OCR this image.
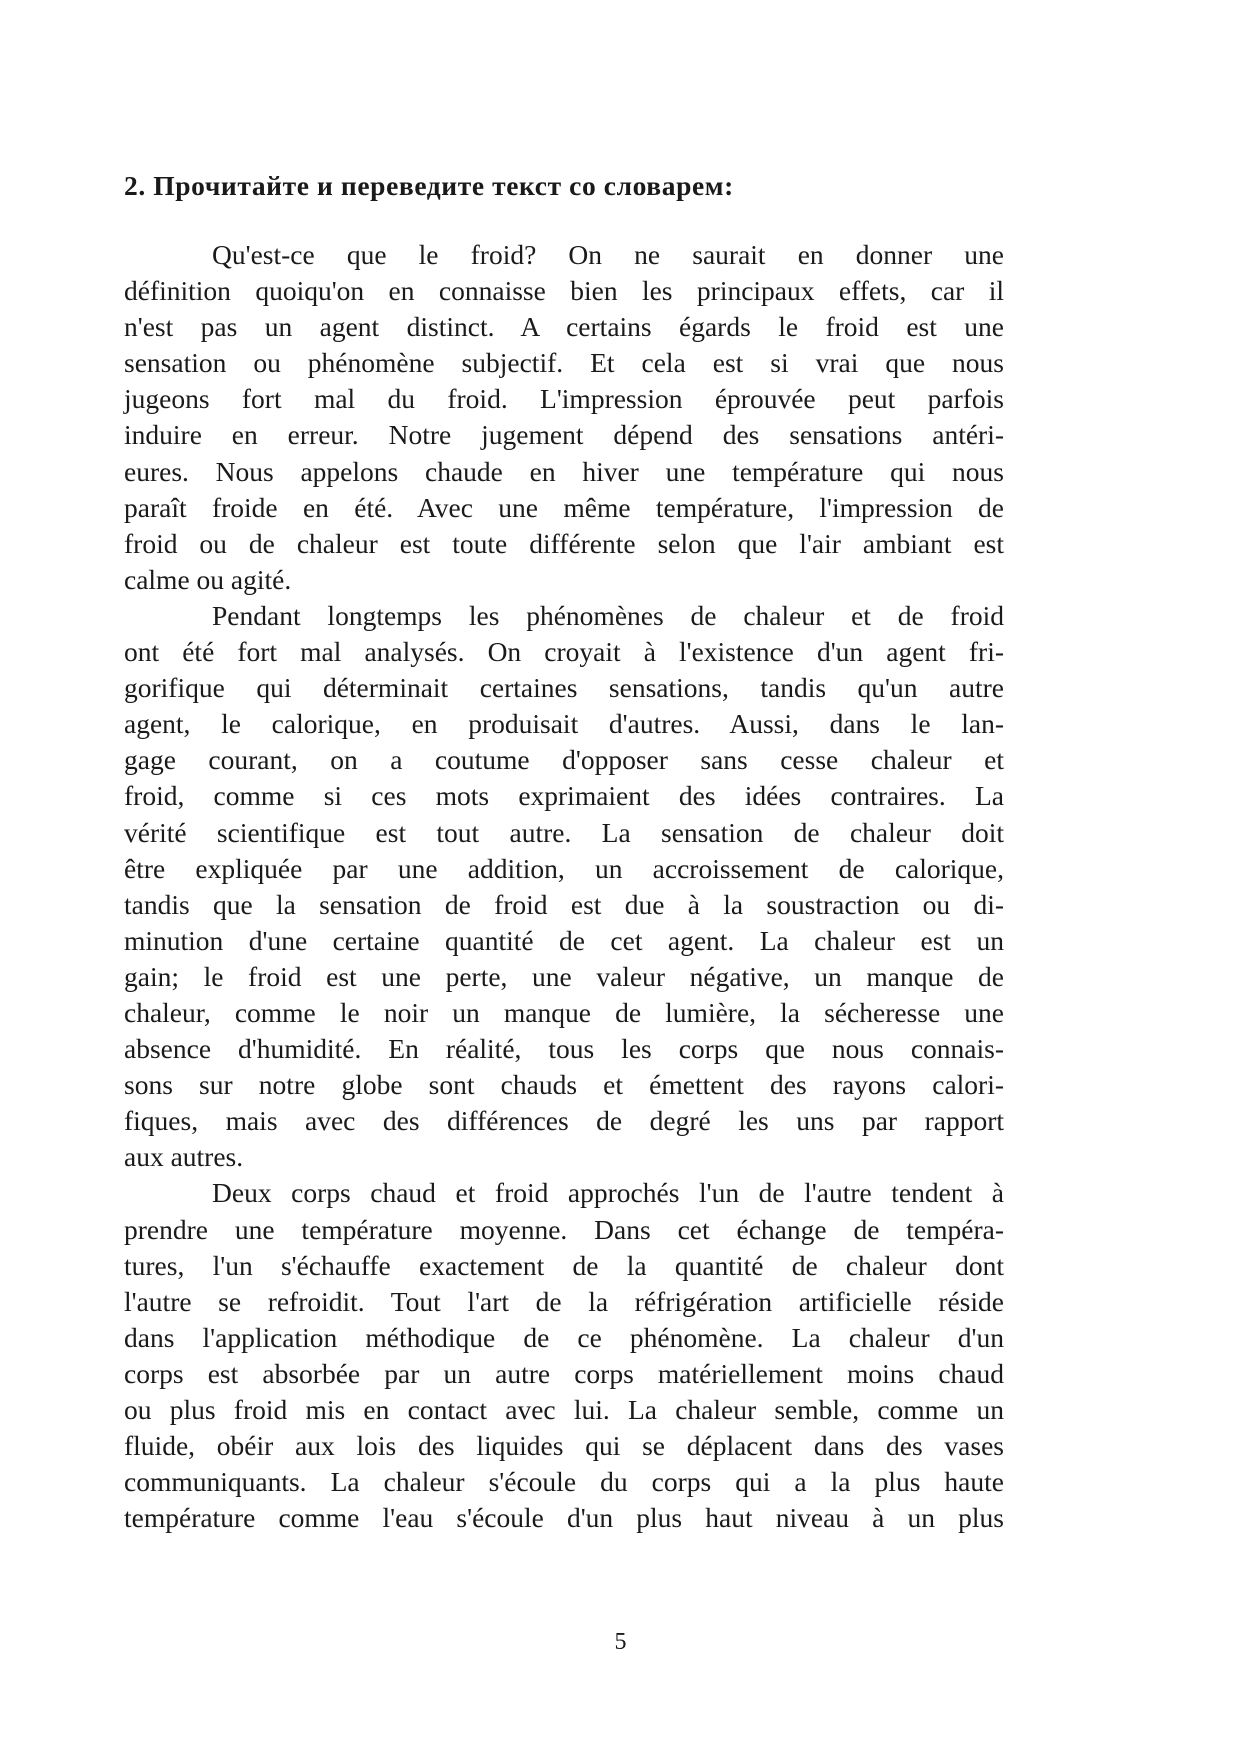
2. Прочитайте и переведите текст со словарем:
Qu'est-ce que le froid? On ne saurait en donner une
définition quoiqu'on en connaisse bien les principaux effets, car il
n'est pas un agent distinct. A certains égards le froid est une
sensation ou phénomène subjectif. Et cela est si vrai que nous
jugeons fort mal du froid. L'impression éprouvée peut parfois
induire en erreur. Notre jugement dépend des sensations antéri-
eures. Nous appelons chaude en hiver une température qui nous
paraît froide en été. Avec une même température, l'impression de
froid ou de chaleur est toute différente selon que l'air ambiant est
calme ou agité.
Pendant longtemps les phénomènes de chaleur et de froid
ont été fort mal analysés. On croyait à l'existence d'un agent fri-
gorifique qui déterminait certaines sensations, tandis qu'un autre
agent, le calorique, en produisait d'autres. Aussi, dans le lan-
gage courant, on a coutume d'opposer sans cesse chaleur et
froid, comme si ces mots exprimaient des idées contraires. La
vérité scientifique est tout autre. La sensation de chaleur doit
être expliquée par une addition, un accroissement de calorique,
tandis que la sensation de froid est due à la soustraction ou di-
minution d'une certaine quantité de cet agent. La chaleur est un
gain; le froid est une perte, une valeur négative, un manque de
chaleur, comme le noir un manque de lumière, la sécheresse une
absence d'humidité. En réalité, tous les corps que nous connais-
sons sur notre globe sont chauds et émettent des rayons calori-
fiques, mais avec des différences de degré les uns par rapport
aux autres.
Deux corps chaud et froid approchés l'un de l'autre tendent à
prendre une température moyenne. Dans cet échange de tempéra-
tures, l'un s'échauffe exactement de la quantité de chaleur dont
l'autre se refroidit. Tout l'art de la réfrigération artificielle réside
dans l'application méthodique de ce phénomène. La chaleur d'un
corps est absorbée par un autre corps matériellement moins chaud
ou plus froid mis en contact avec lui. La chaleur semble, comme un
fluide, obéir aux lois des liquides qui se déplacent dans des vases
communiquants. La chaleur s'écoule du corps qui a la plus haute
température comme l'eau s'écoule d'un plus haut niveau à un plus
5
